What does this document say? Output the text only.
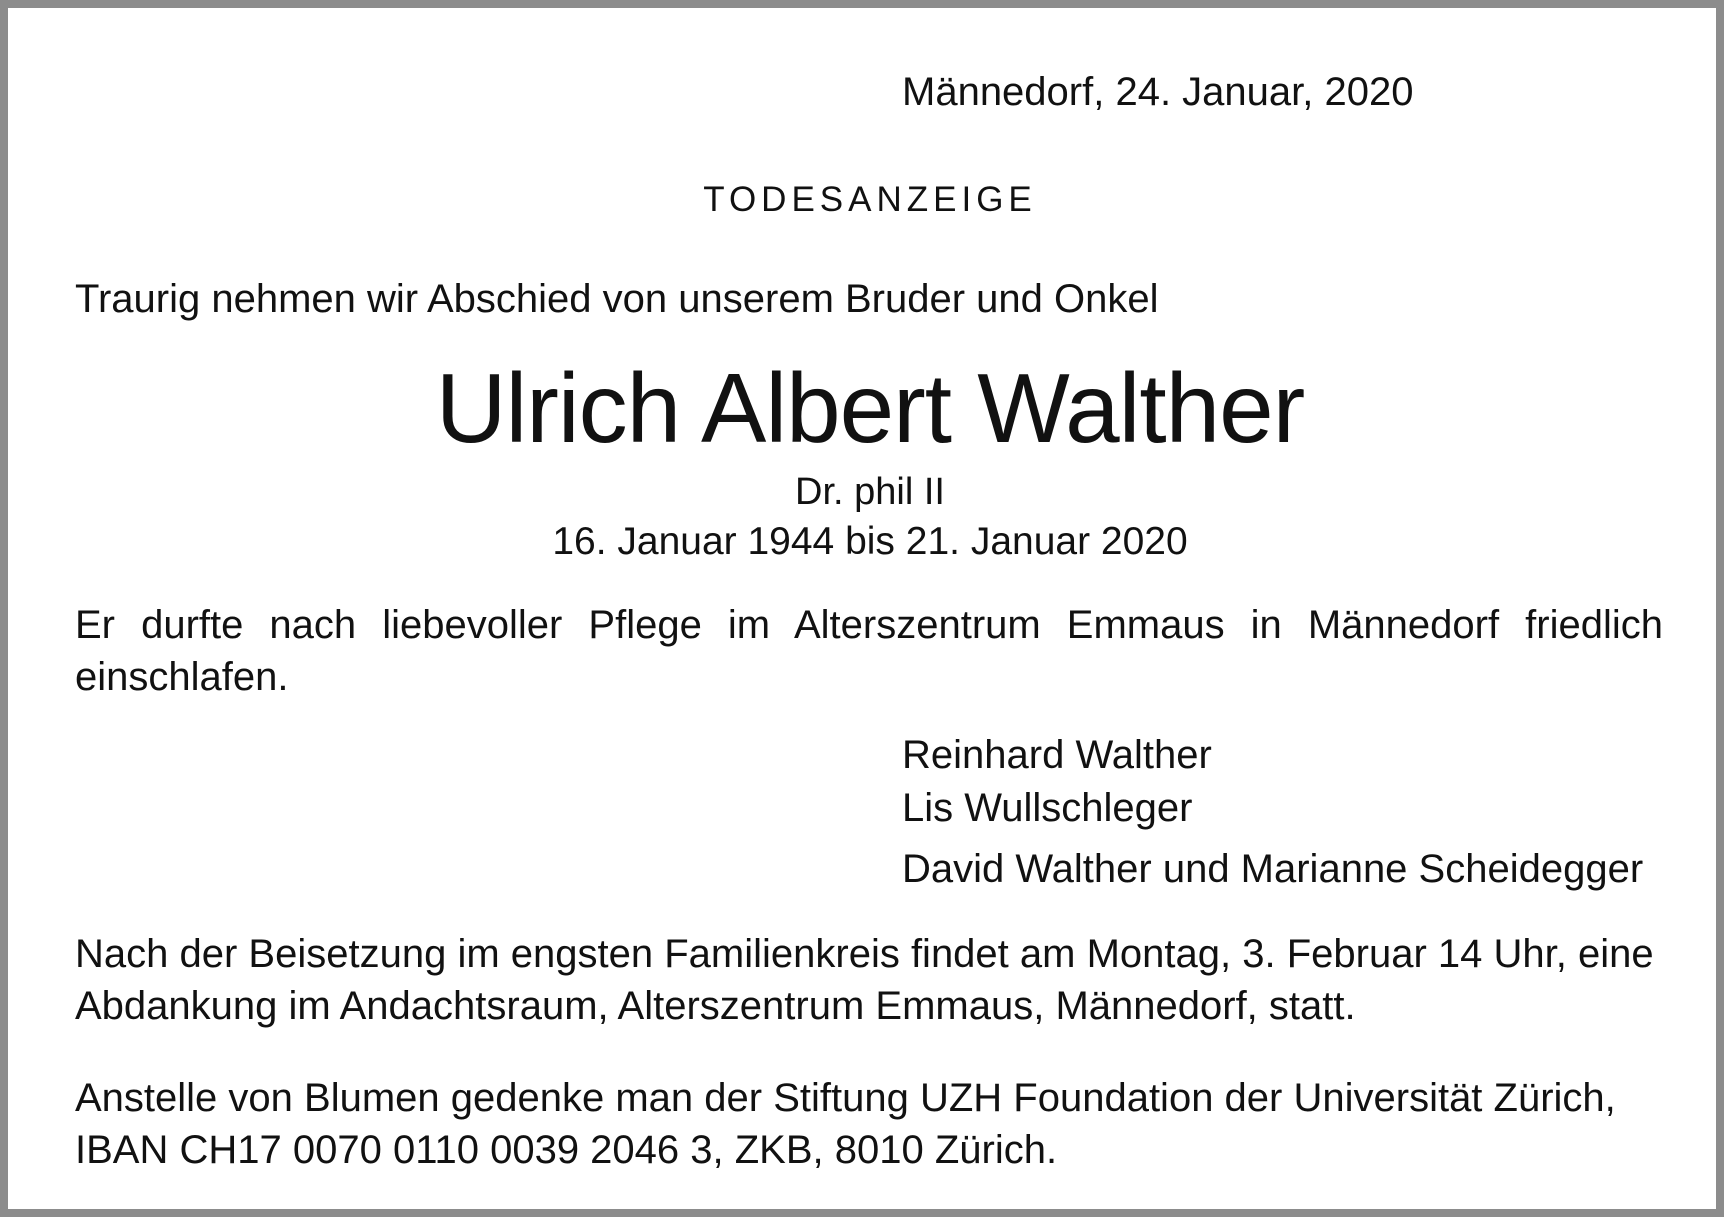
Männedorf, 24. Januar, 2020
TODESANZEIGE
Traurig nehmen wir Abschied von unserem Bruder und Onkel
Ulrich Albert Walther
Dr. phil II
16. Januar 1944 bis 21. Januar 2020
Er durfte nach liebevoller Pflege im Alterszentrum Emmaus in Männedorf friedlich einschlafen.
Reinhard Walther
Lis Wullschleger
David Walther und Marianne Scheidegger
Nach der Beisetzung im engsten Familienkreis findet am Montag, 3. Februar 14 Uhr, eine
Abdankung im Andachtsraum, Alterszentrum Emmaus, Männedorf, statt.
Anstelle von Blumen gedenke man der Stiftung UZH Foundation der Universität Zürich,
IBAN CH17 0070 0110 0039 2046 3, ZKB, 8010 Zürich.
